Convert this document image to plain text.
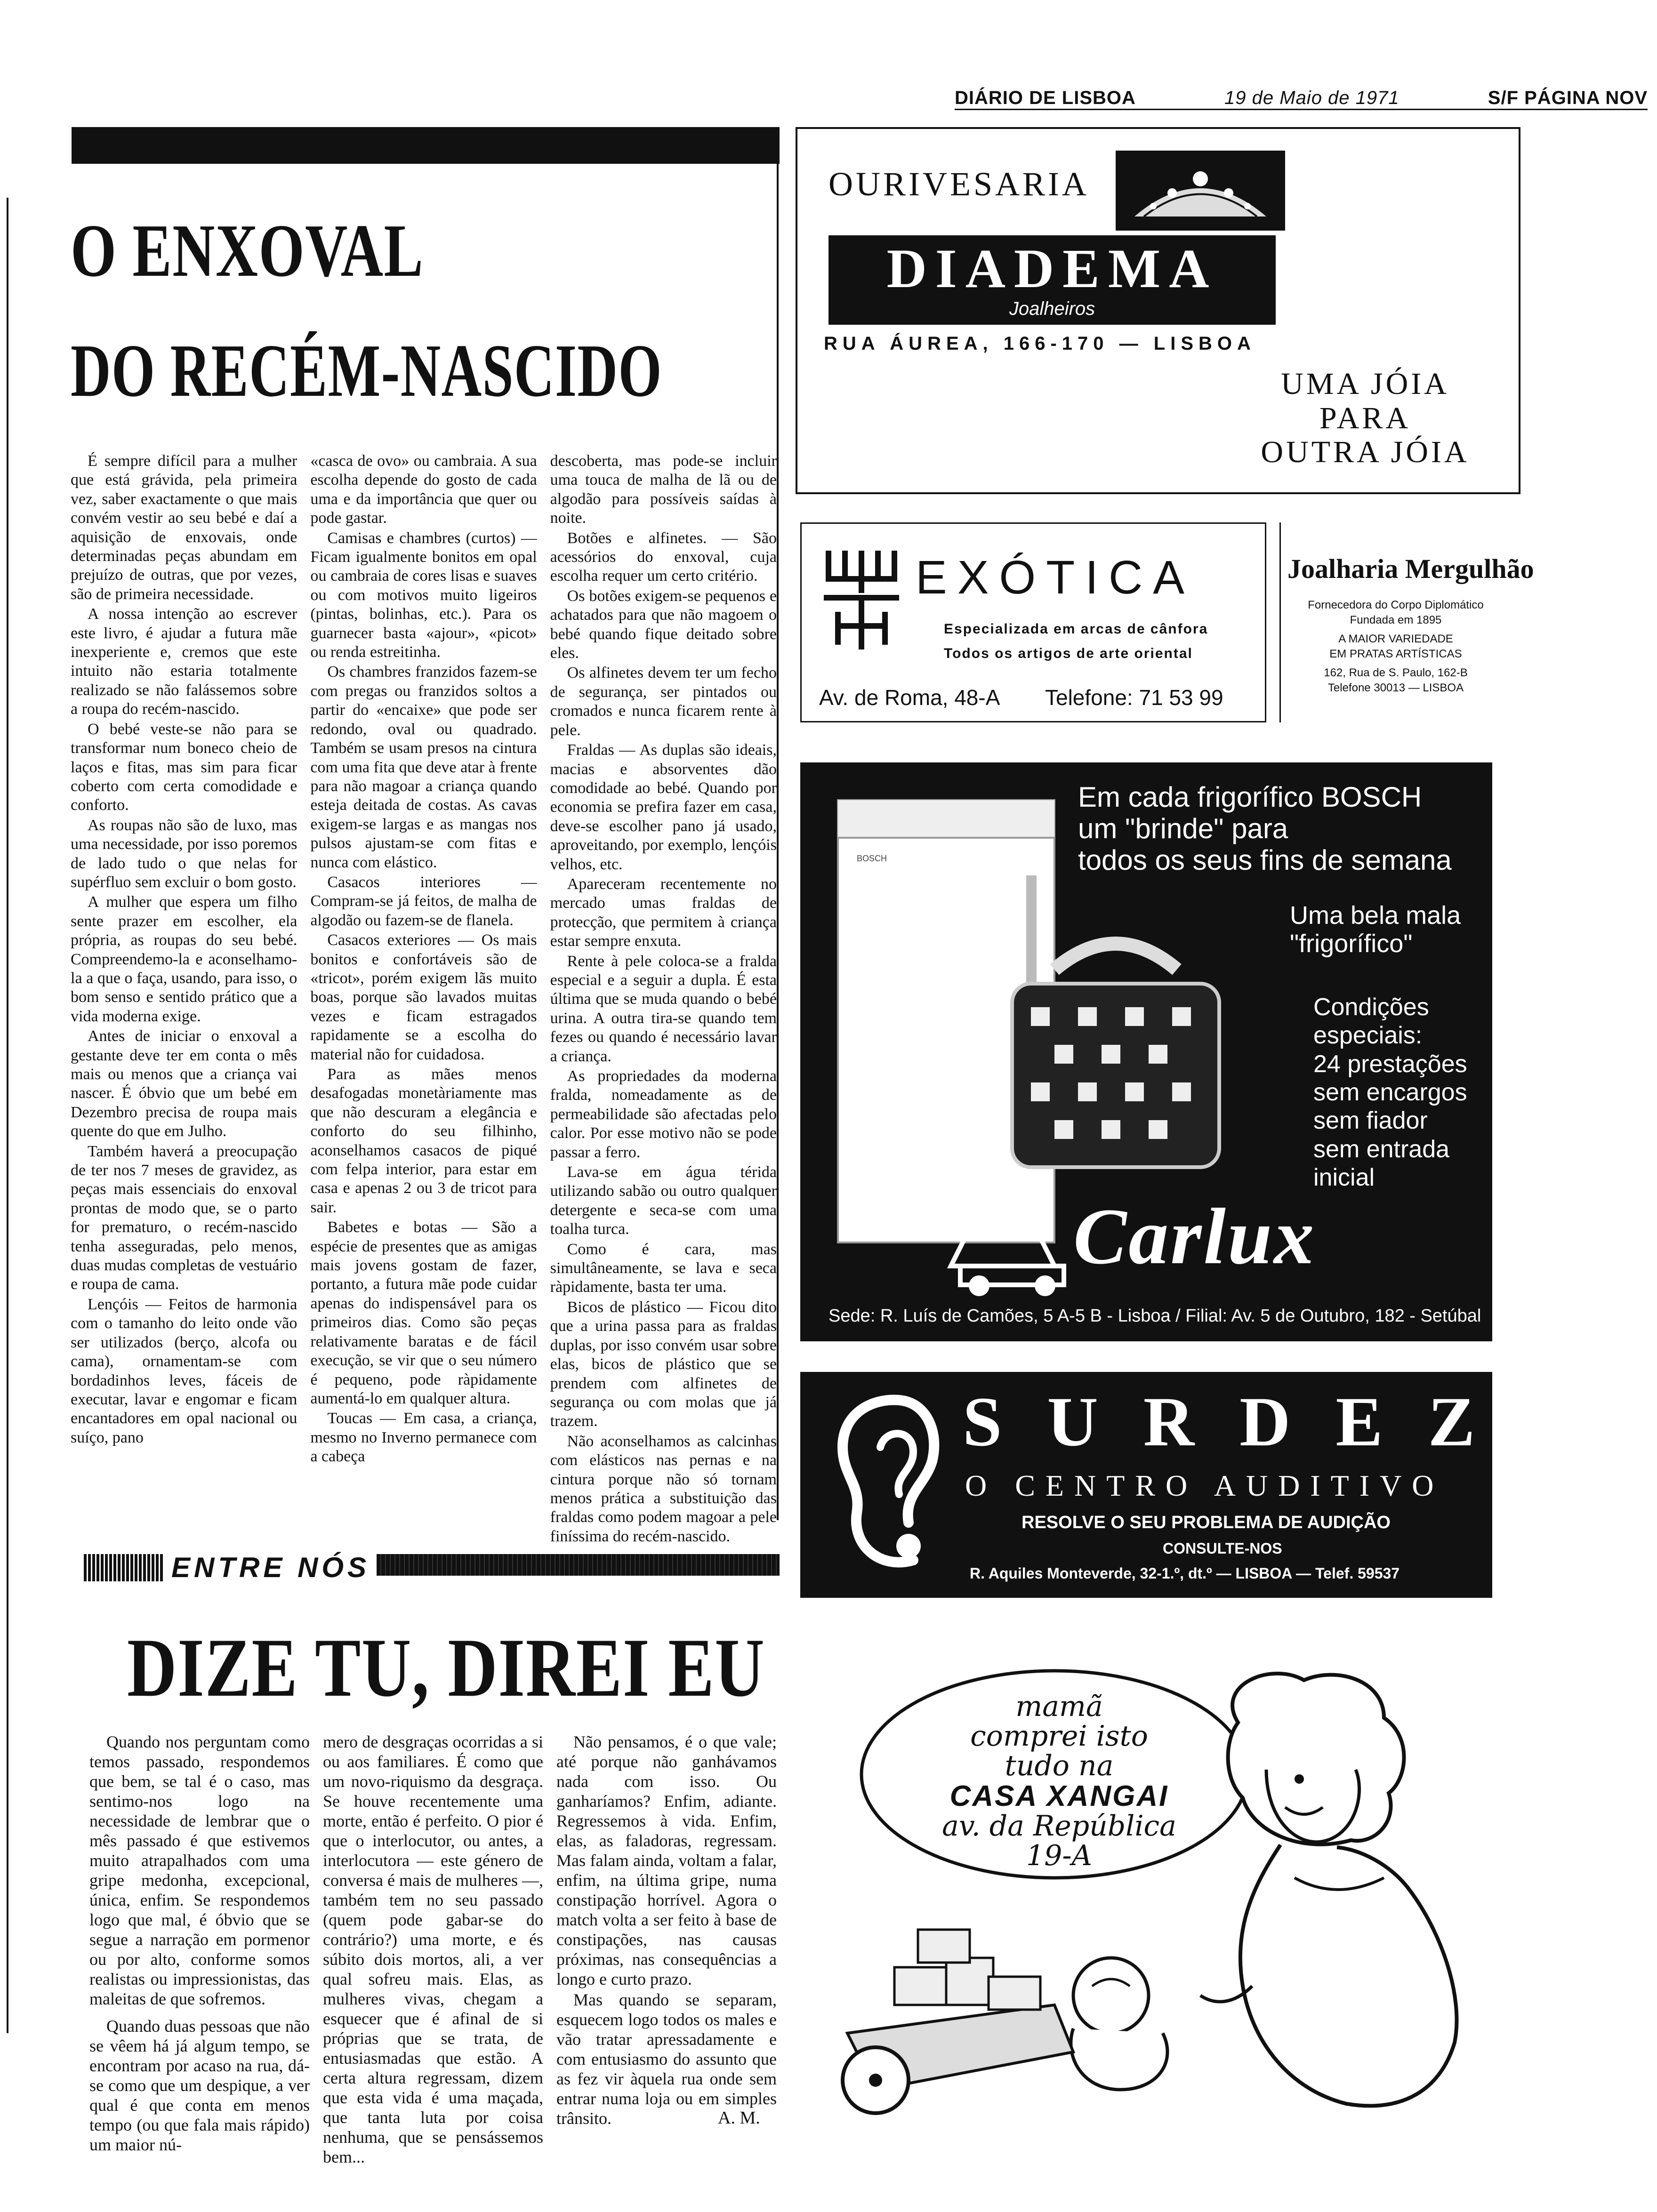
DIÁRIO DE LISBOA	19 de Maio de 1971	S/F PÁGINA NOV
O ENXOVAL
DO RECÉM-NASCIDO

É sempre difícil para a mulher que está grávida, pela primeira vez, saber exactamente o que mais convém vestir ao seu bebé e daí a aquisição de enxovais, onde determinadas peças abundam em prejuízo de outras, que por vezes, são de primeira necessidade.

A nossa intenção ao escrever este livro, é ajudar a futura mãe inexperiente e, cremos que este intuito não estaria totalmente realizado se não falássemos sobre a roupa do recém-nascido.

O bebé veste-se não para se transformar num boneco cheio de laços e fitas, mas sim para ficar coberto com certa comodidade e conforto.

As roupas não são de luxo, mas uma necessidade, por isso poremos de lado tudo o que nelas for supérfluo sem excluir o bom gosto.

A mulher que espera um filho sente prazer em escolher, ela própria, as roupas do seu bebé. Compreendemo-la e aconselhamo-la a que o faça, usando, para isso, o bom senso e sentido prático que a vida moderna exige.

Antes de iniciar o enxoval a gestante deve ter em conta o mês mais ou menos que a criança vai nascer. É óbvio que um bebé em Dezembro precisa de roupa mais quente do que em Julho.

Também haverá a preocupação de ter nos 7 meses de gravidez, as peças mais essenciais do enxoval prontas de modo que, se o parto for prematuro, o recém-nascido tenha asseguradas, pelo menos, duas mudas completas de vestuário e roupa de cama.

Lençóis — Feitos de harmonia com o tamanho do leito onde vão ser utilizados (berço, alcofa ou cama), ornamentam-se com bordadinhos leves, fáceis de executar, lavar e engomar e ficam encantadores em opal nacional ou suíço, pano

«casca de ovo» ou cambraia. A sua escolha depende do gosto de cada uma e da importância que quer ou pode gastar.

Camisas e chambres (curtos) — Ficam igualmente bonitos em opal ou cambraia de cores lisas e suaves ou com motivos muito ligeiros (pintas, bolinhas, etc.). Para os guarnecer basta «ajour», «picot» ou renda estreitinha.

Os chambres franzidos fazem-se com pregas ou franzidos soltos a partir do «encaixe» que pode ser redondo, oval ou quadrado. Também se usam presos na cintura com uma fita que deve atar à frente para não magoar a criança quando esteja deitada de costas. As cavas exigem-se largas e as mangas nos pulsos ajustam-se com fitas e nunca com elástico.

Casacos interiores — Compram-se já feitos, de malha de algodão ou fazem-se de flanela.

Casacos exteriores — Os mais bonitos e confortáveis são de «tricot», porém exigem lãs muito boas, porque são lavados muitas vezes e ficam estragados rapidamente se a escolha do material não for cuidadosa.

Para as mães menos desafogadas monetàriamente mas que não descuram a elegância e conforto do seu filhinho, aconselhamos casacos de piqué com felpa interior, para estar em casa e apenas 2 ou 3 de tricot para sair.

Babetes e botas — São a espécie de presentes que as amigas mais jovens gostam de fazer, portanto, a futura mãe pode cuidar apenas do indispensável para os primeiros dias. Como são peças relativamente baratas e de fácil execução, se vir que o seu número é pequeno, pode ràpidamente aumentá-lo em qualquer altura.

Toucas — Em casa, a criança, mesmo no Inverno permanece com a cabeça

descoberta, mas pode-se incluir uma touca de malha de lã ou de algodão para possíveis saídas à noite.

Botões e alfinetes. — São acessórios do enxoval, cuja escolha requer um certo critério.

Os botões exigem-se pequenos e achatados para que não magoem o bebé quando fique deitado sobre eles.

Os alfinetes devem ter um fecho de segurança, ser pintados ou cromados e nunca ficarem rente à pele.

Fraldas — As duplas são ideais, macias e absorventes dão comodidade ao bebé. Quando por economia se prefira fazer em casa, deve-se escolher pano já usado, aproveitando, por exemplo, lençóis velhos, etc.

Apareceram recentemente no mercado umas fraldas de protecção, que permitem à criança estar sempre enxuta.

Rente à pele coloca-se a fralda especial e a seguir a dupla. É esta última que se muda quando o bebé urina. A outra tira-se quando tem fezes ou quando é necessário lavar a criança.

As propriedades da moderna fralda, nomeadamente as de permeabilidade são afectadas pelo calor. Por esse motivo não se pode passar a ferro.

Lava-se em água térida utilizando sabão ou outro qualquer detergente e seca-se com uma toalha turca.

Como é cara, mas simultâneamente, se lava e seca ràpidamente, basta ter uma.

Bicos de plástico — Ficou dito que a urina passa para as fraldas duplas, por isso convém usar sobre elas, bicos de plástico que se prendem com alfinetes de segurança ou com molas que já trazem.

Não aconselhamos as calcinhas com elásticos nas pernas e na cintura porque não só tornam menos prática a substituição das fraldas como podem magoar a pele finíssima do recém-nascido.

ENTRE NÓS
DIZE TU, DIREI EU

Quando nos perguntam como temos passado, respondemos que bem, se tal é o caso, mas sentimo-nos logo na necessidade de lembrar que o mês passado é que estivemos muito atrapalhados com uma gripe medonha, excepcional, única, enfim. Se respondemos logo que mal, é óbvio que se segue a narração em pormenor ou por alto, conforme somos realistas ou impressionistas, das maleitas de que sofremos.

Quando duas pessoas que não se vêem há já algum tempo, se encontram por acaso na rua, dá-se como que um despique, a ver qual é que conta em menos tempo (ou que fala mais rápido) um maior nú-

mero de desgraças ocorridas a si ou aos familiares. É como que um novo-riquismo da desgraça. Se houve recentemente uma morte, então é perfeito. O pior é que o interlocutor, ou antes, a interlocutora — este género de conversa é mais de mulheres —, também tem no seu passado (quem pode gabar-se do contrário?) uma morte, e és súbito dois mortos, ali, a ver qual sofreu mais. Elas, as mulheres vivas, chegam a esquecer que é afinal de si próprias que se trata, de entusiasmadas que estão. A certa altura regressam, dizem que esta vida é uma maçada, que tanta luta por coisa nenhuma, que se pensássemos bem...

Não pensamos, é o que vale; até porque não ganhávamos nada com isso. Ou ganharíamos? Enfim, adiante. Regressemos à vida. Enfim, elas, as faladoras, regressam. Mas falam ainda, voltam a falar, enfim, na última gripe, numa constipação horrível. Agora o match volta a ser feito à base de constipações, nas causas próximas, nas consequências a longo e curto prazo.

Mas quando se separam, esquecem logo todos os males e vão tratar apressadamente e com entusiasmo do assunto que as fez vir àquela rua onde sem entrar numa loja ou em simples trânsito.	A. M.
OURIVESARIA
DIADEMA
Joalheiros
RUA ÁUREA, 166-170 — LISBOA
UMA JÓIA
PARA
OUTRA JÓIA
EXÓTICA
Especializada em arcas de cânfora
Todos os artigos de arte oriental
Av. de Roma, 48-A Telefone: 71 53 99
Joalharia Mergulhão
Fornecedora do Corpo Diplomático
Fundada em 1895
A MAIOR VARIEDADE
EM PRATAS ARTÍSTICAS
162, Rua de S. Paulo, 162-B
Telefone 30013 — LISBOA
BOSCH
Em cada frigorífico BOSCH
um "brinde" para
todos os seus fins de semana
Uma bela mala
"frigorífico"
Condições
especiais:
24 prestações
sem encargos
sem fiador
sem entrada
inicial
Carlux
Sede: R. Luís de Camões, 5 A-5 B - Lisboa / Filial: Av. 5 de Outubro, 182 - Setúbal
SURDEZ
O CENTRO AUDITIVO
RESOLVE O SEU PROBLEMA DE AUDIÇÃO
CONSULTE-NOS
R. Aquiles Monteverde, 32-1.º, dt.º — LISBOA — Telef. 59537
mamã
comprei isto
tudo na
CASA XANGAI
av. da República
19-A
